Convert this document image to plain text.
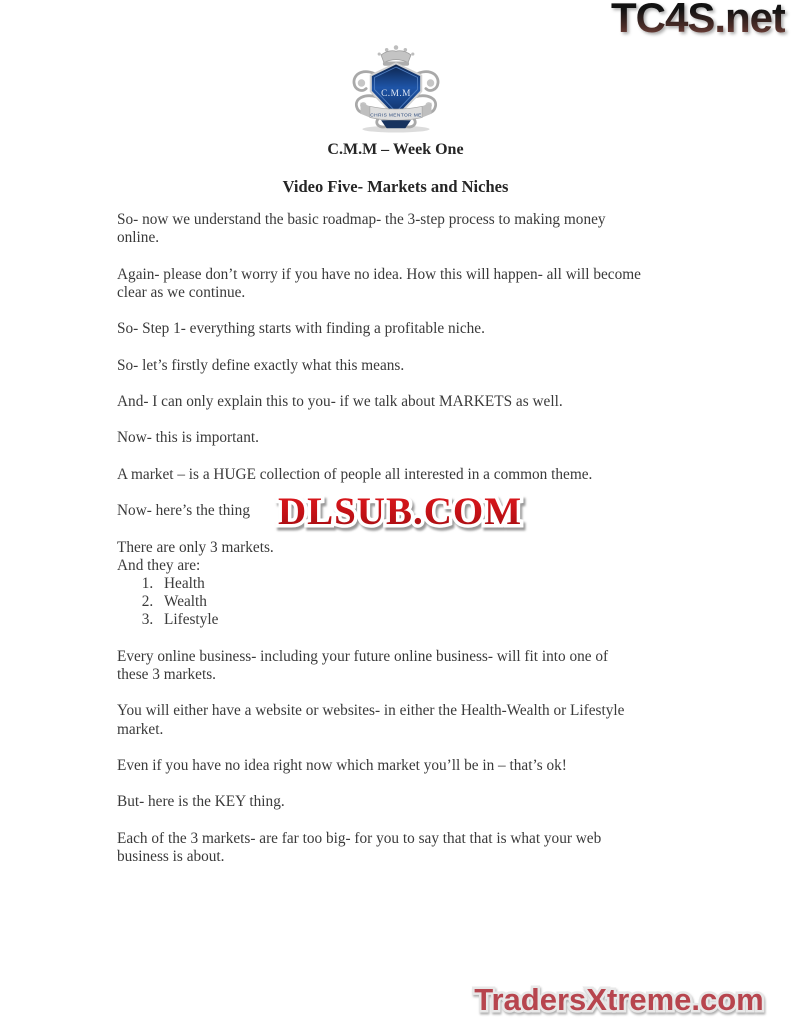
TC4S.net
C.M.M
CHRIS MENTOR ME
C.M.M – Week One
Video Five- Markets and Niches

So- now we understand the basic roadmap- the 3-step process to making money
online.

Again- please don’t worry if you have no idea. How this will happen- all will become
clear as we continue.

So- Step 1- everything starts with finding a profitable niche.

So- let’s firstly define exactly what this means.

And- I can only explain this to you- if we talk about MARKETS as well.

Now- this is important.

A market – is a HUGE collection of people all interested in a common theme.

Now- here’s the thing

There are only 3 markets.

And they are:

1. Health
2. Wealth
3. Lifestyle

Every online business- including your future online business- will fit into one of
these 3 markets.

You will either have a website or websites- in either the Health-Wealth or Lifestyle
market.

Even if you have no idea right now which market you’ll be in – that’s ok!

But- here is the KEY thing.

Each of the 3 markets- are far too big- for you to say that that is what your web
business is about.

DLSUB.COM
TradersXtreme.com
